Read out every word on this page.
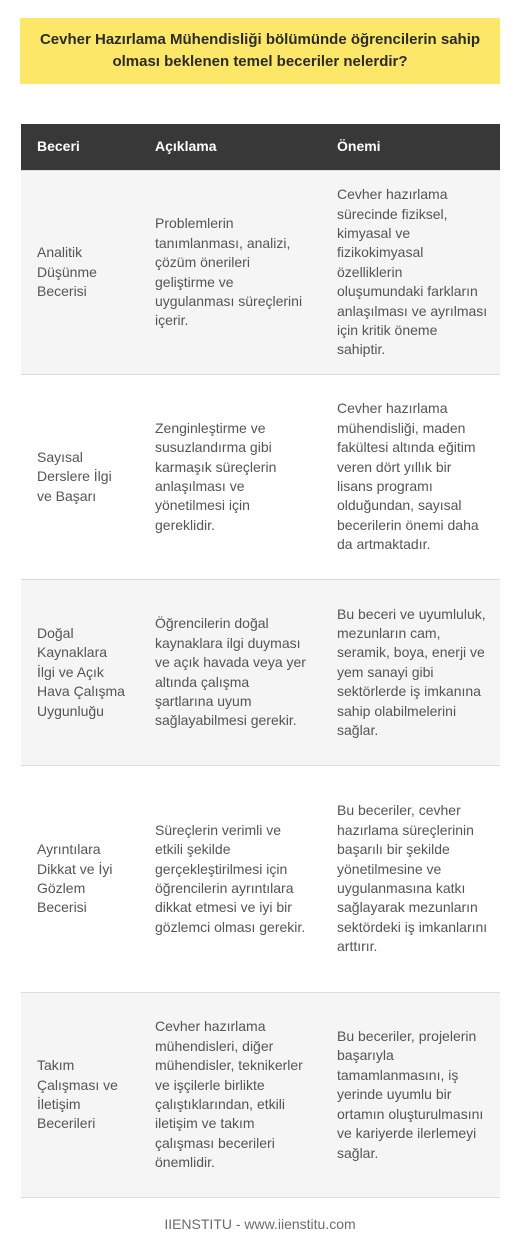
Cevher Hazırlama Mühendisliği bölümünde öğrencilerin sahip olması beklenen temel beceriler nelerdir?
Beceri	Açıklama	Önemi
Analitik Düşünme Becerisi	Problemlerin tanımlanması, analizi, çözüm önerileri geliştirme ve uygulanması süreçlerini içerir.	Cevher hazırlama sürecinde fiziksel, kimyasal ve fizikokimyasal özelliklerin oluşumundaki farkların anlaşılması ve ayrılması için kritik öneme sahiptir.
Sayısal Derslere İlgi ve Başarı	Zenginleştirme ve susuzlandırma gibi karmaşık süreçlerin anlaşılması ve yönetilmesi için gereklidir.	Cevher hazırlama mühendisliği, maden fakültesi altında eğitim veren dört yıllık bir lisans programı olduğundan, sayısal becerilerin önemi daha da artmaktadır.
Doğal Kaynaklara İlgi ve Açık Hava Çalışma Uygunluğu	Öğrencilerin doğal kaynaklara ilgi duyması ve açık havada veya yer altında çalışma şartlarına uyum sağlayabilmesi gerekir.	Bu beceri ve uyumluluk, mezunların cam, seramik, boya, enerji ve yem sanayi gibi sektörlerde iş imkanına sahip olabilmelerini sağlar.
Ayrıntılara Dikkat ve İyi Gözlem Becerisi	Süreçlerin verimli ve etkili şekilde gerçekleştirilmesi için öğrencilerin ayrıntılara dikkat etmesi ve iyi bir gözlemci olması gerekir.	Bu beceriler, cevher hazırlama süreçlerinin başarılı bir şekilde yönetilmesine ve uygulanmasına katkı sağlayarak mezunların sektördeki iş imkanlarını arttırır.
Takım Çalışması ve İletişim Becerileri	Cevher hazırlama mühendisleri, diğer mühendisler, teknikerler ve işçilerle birlikte çalıştıklarından, etkili iletişim ve takım çalışması becerileri önemlidir.	Bu beceriler, projelerin başarıyla tamamlanmasını, iş yerinde uyumlu bir ortamın oluşturulmasını ve kariyerde ilerlemeyi sağlar.
IIENSTITU - www.iienstitu.com
